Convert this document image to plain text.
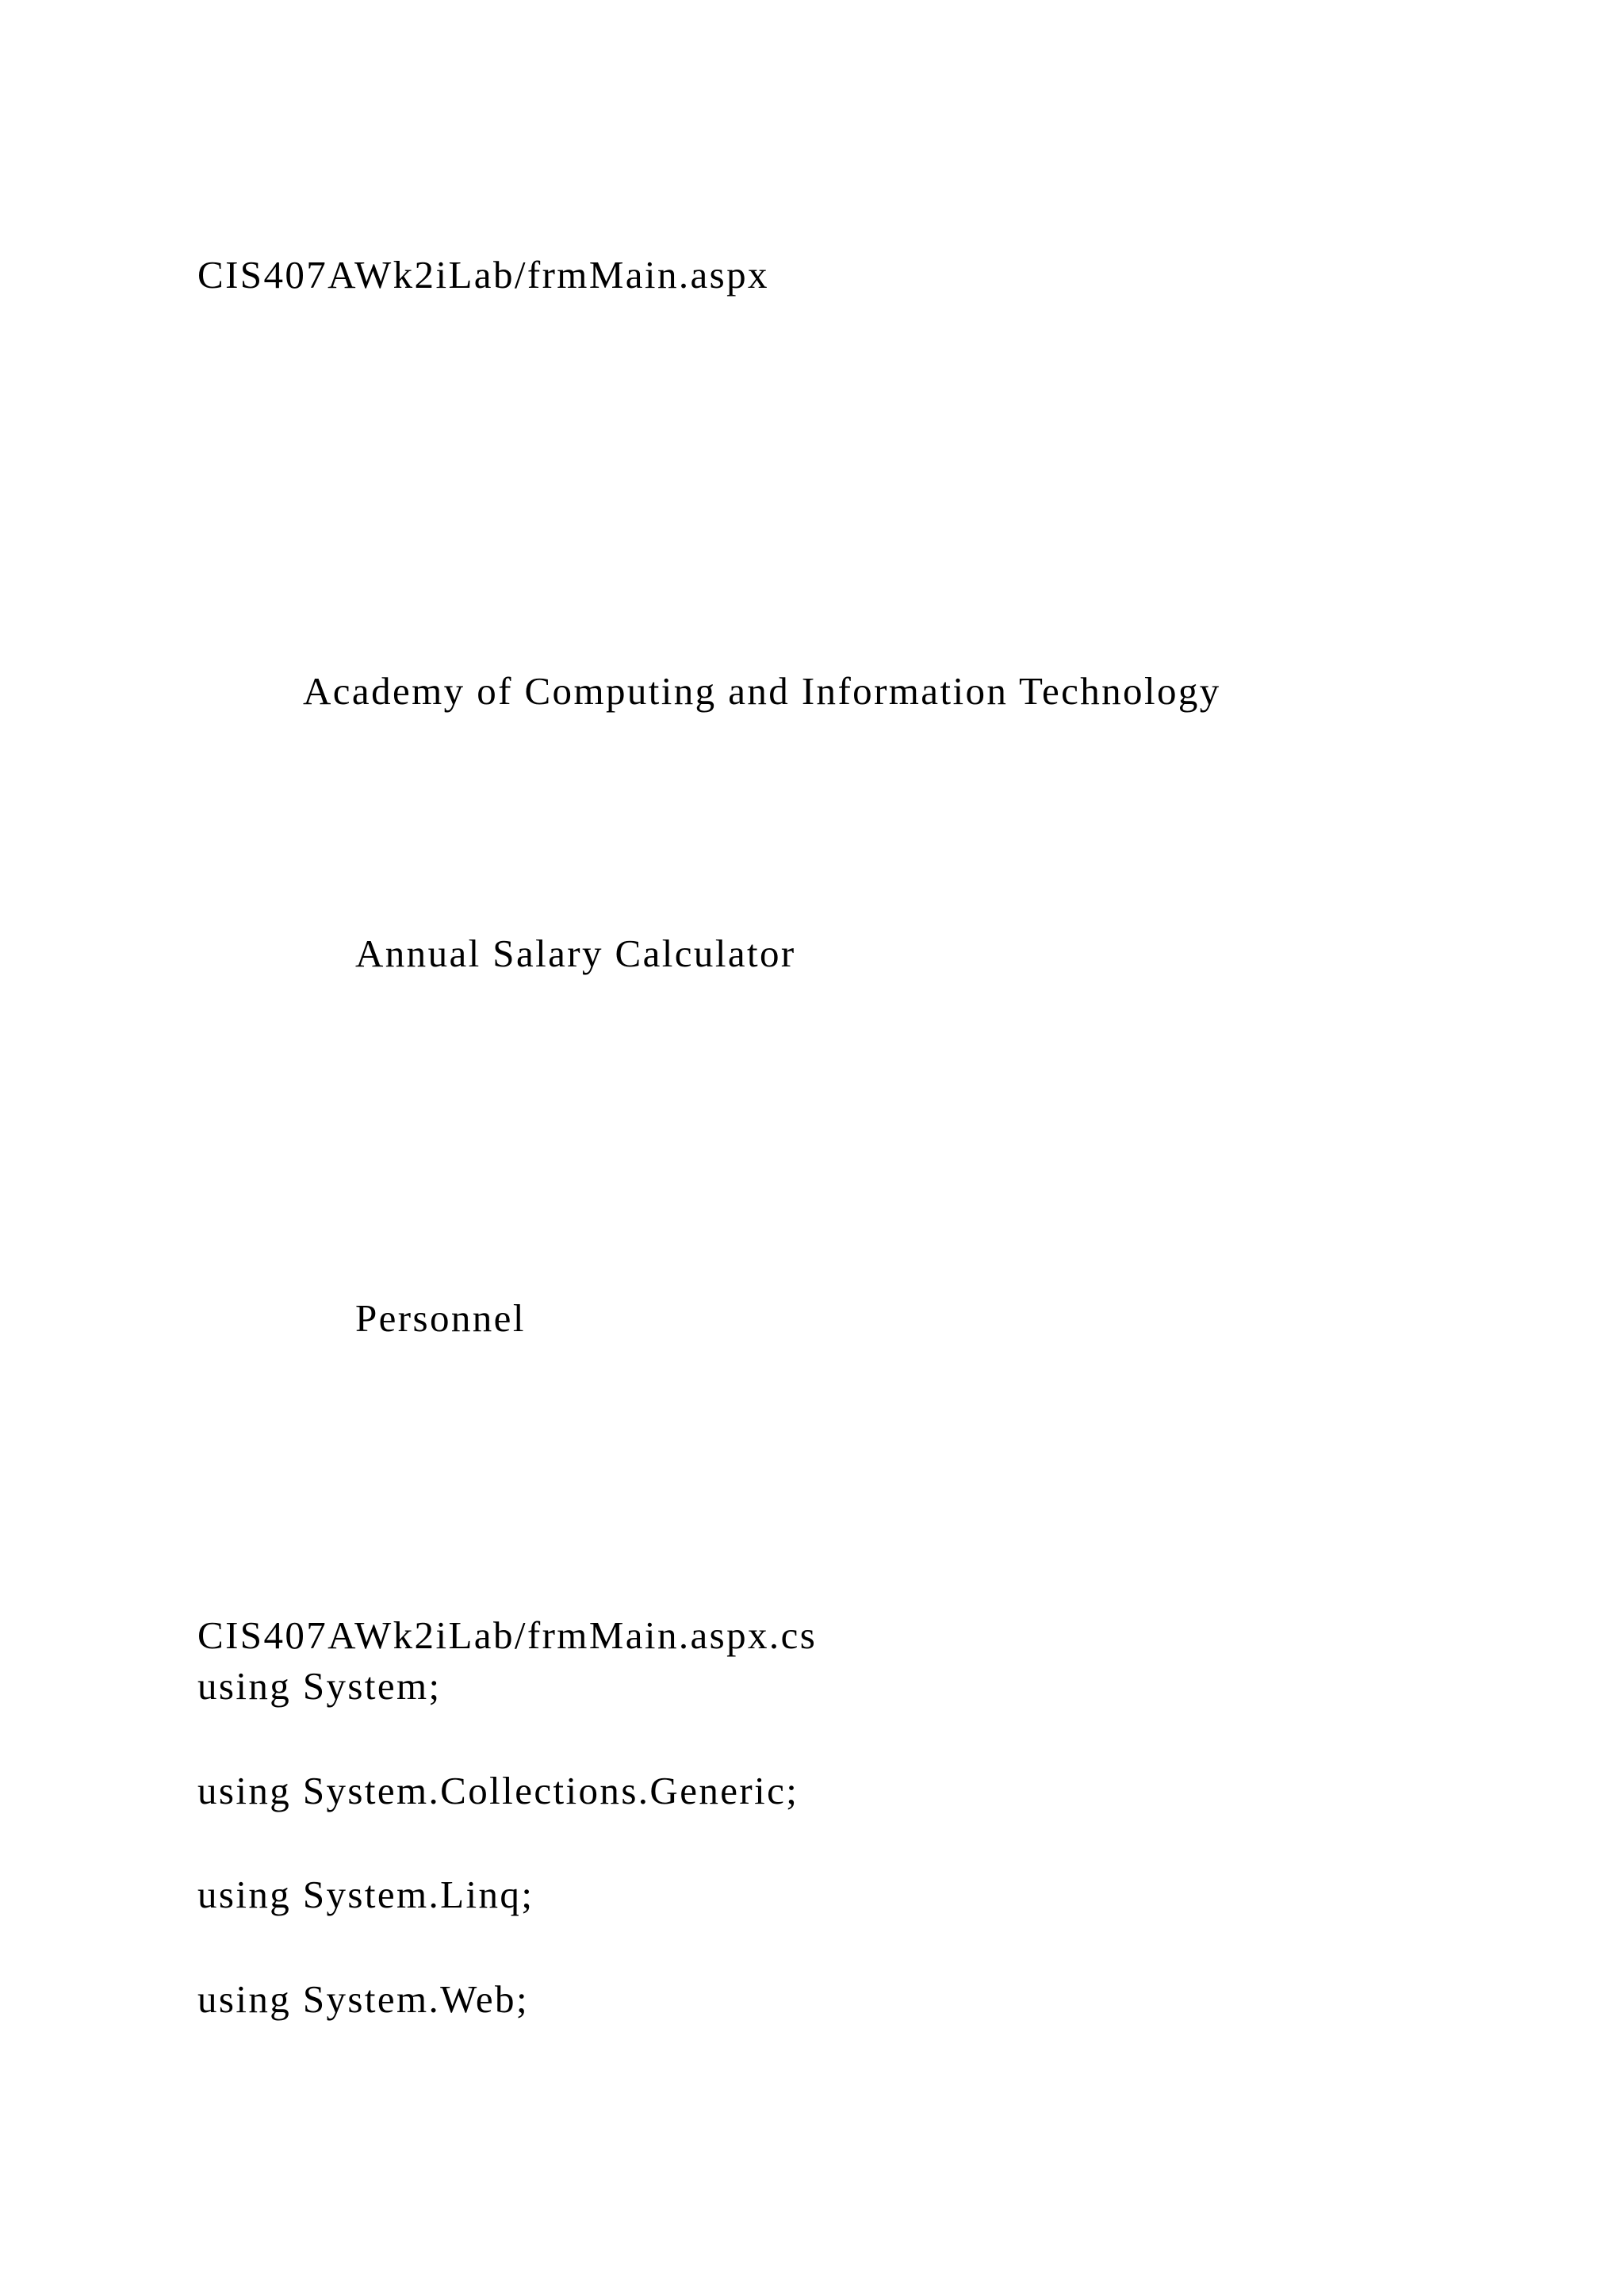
CIS407AWk2iLab/frmMain.aspx
Academy of Computing and Information Technology
Annual Salary Calculator
Personnel
CIS407AWk2iLab/frmMain.aspx.cs
using System;
using System.Collections.Generic;
using System.Linq;
using System.Web;
